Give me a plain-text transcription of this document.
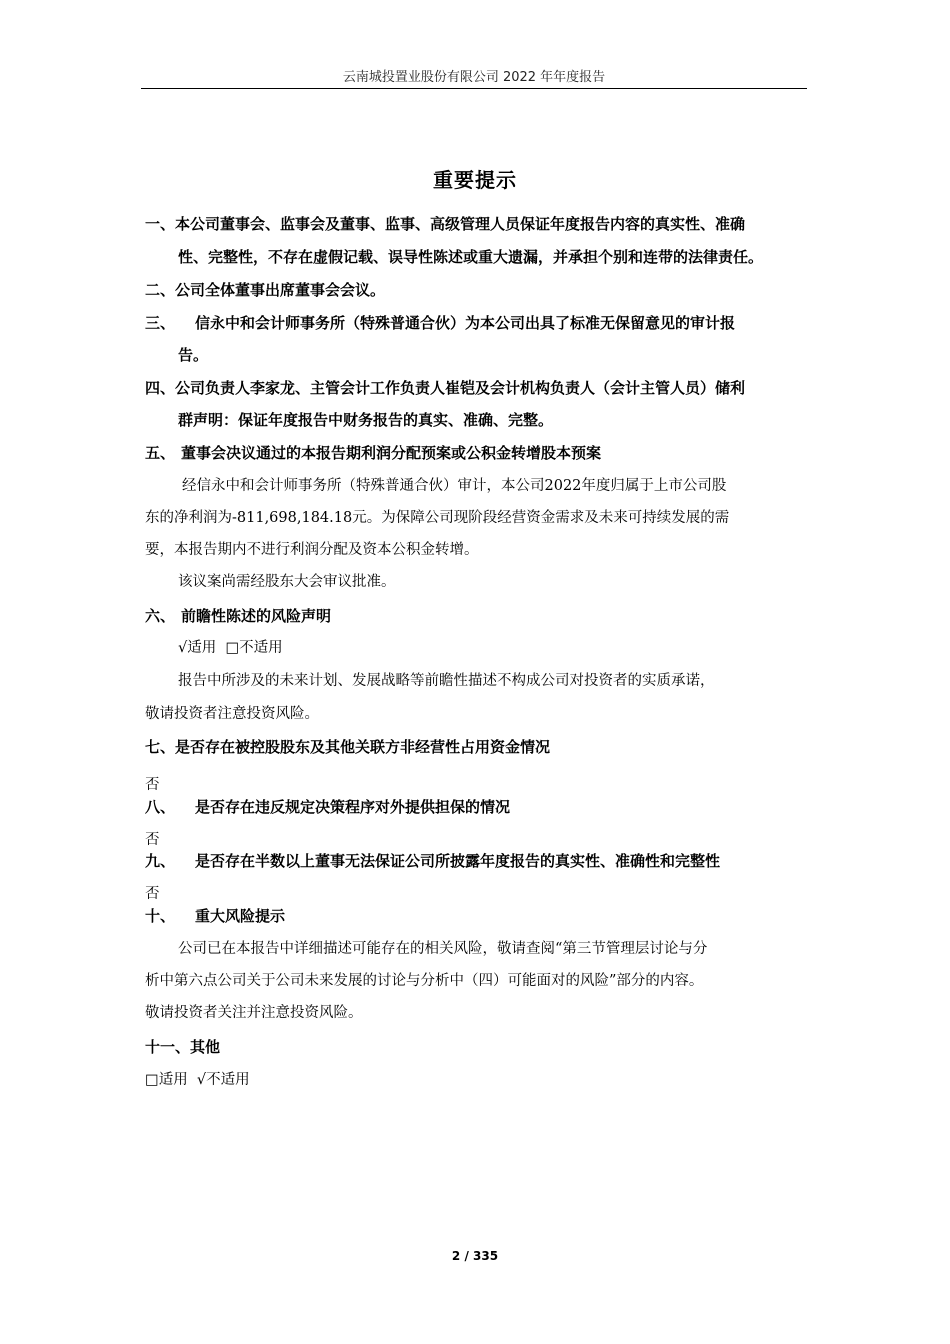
云南城投置业股份有限公司 2022 年年度报告
重要提示
一、本公司董事会、监事会及董事、监事、高级管理人员保证年度报告内容的真实性、准确
性、完整性，不存在虚假记载、误导性陈述或重大遗漏，并承担个别和连带的法律责任。
二、公司全体董事出席董事会会议。
三、 信永中和会计师事务所（特殊普通合伙）为本公司出具了标准无保留意见的审计报
告。
四、公司负责人李家龙、主管会计工作负责人崔铠及会计机构负责人（会计主管人员）储利
群声明：保证年度报告中财务报告的真实、准确、完整。
五、 董事会决议通过的本报告期利润分配预案或公积金转增股本预案
经信永中和会计师事务所（特殊普通合伙）审计，本公司2022年度归属于上市公司股
东的净利润为-811,698,184.18元。为保障公司现阶段经营资金需求及未来可持续发展的需
要，本报告期内不进行利润分配及资本公积金转增。
该议案尚需经股东大会审议批准。
六、 前瞻性陈述的风险声明
√适用  □不适用
报告中所涉及的未来计划、发展战略等前瞻性描述不构成公司对投资者的实质承诺，
敬请投资者注意投资风险。
七、是否存在被控股股东及其他关联方非经营性占用资金情况
否
八、 是否存在违反规定决策程序对外提供担保的情况
否
九、 是否存在半数以上董事无法保证公司所披露年度报告的真实性、准确性和完整性
否
十、 重大风险提示
公司已在本报告中详细描述可能存在的相关风险，敬请查阅“第三节管理层讨论与分
析中第六点公司关于公司未来发展的讨论与分析中（四）可能面对的风险”部分的内容。
敬请投资者关注并注意投资风险。
十一、其他
□适用  √不适用
2 / 335
